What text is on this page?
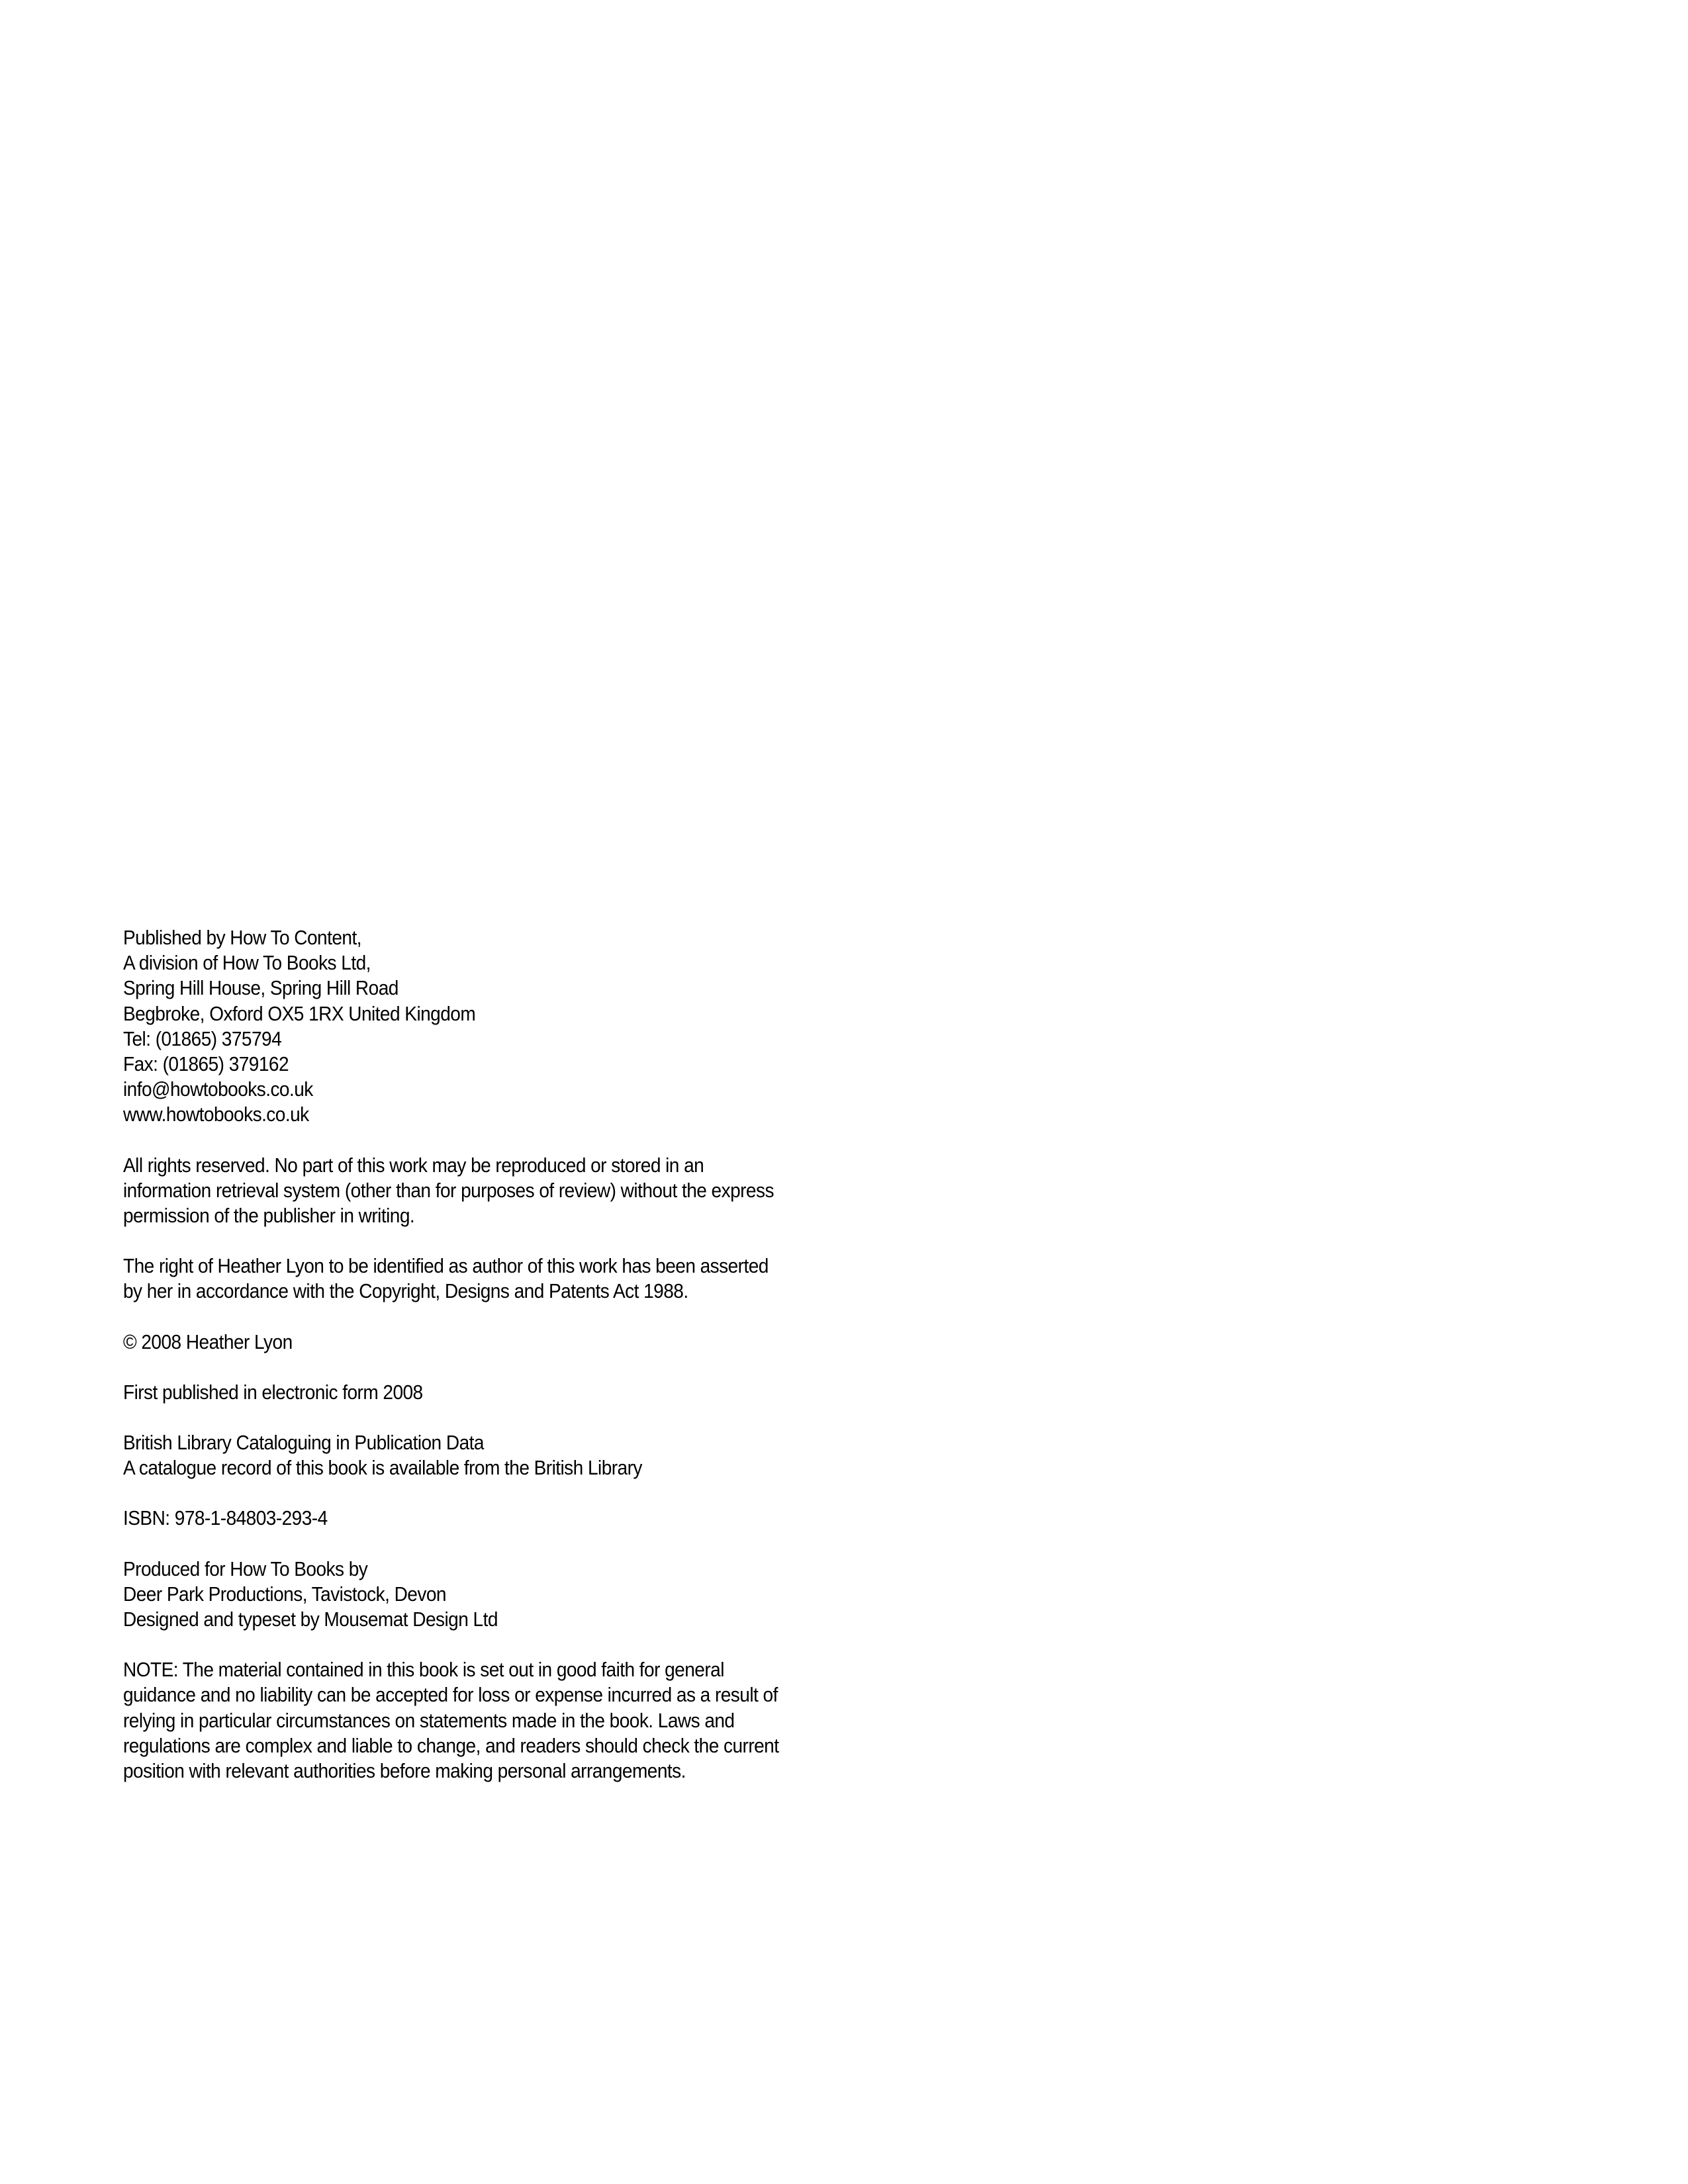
Published by How To Content,
A division of How To Books Ltd,
Spring Hill House, Spring Hill Road
Begbroke, Oxford OX5 1RX United Kingdom
Tel: (01865) 375794
Fax: (01865) 379162
info@howtobooks.co.uk
www.howtobooks.co.uk
All rights reserved. No part of this work may be reproduced or stored in an
information retrieval system (other than for purposes of review) without the express
permission of the publisher in writing.
The right of Heather Lyon to be identified as author of this work has been asserted
by her in accordance with the Copyright, Designs and Patents Act 1988.
© 2008 Heather Lyon
First published in electronic form 2008
British Library Cataloguing in Publication Data
A catalogue record of this book is available from the British Library
ISBN: 978-1-84803-293-4
Produced for How To Books by
Deer Park Productions, Tavistock, Devon
Designed and typeset by Mousemat Design Ltd
NOTE: The material contained in this book is set out in good faith for general
guidance and no liability can be accepted for loss or expense incurred as a result of
relying in particular circumstances on statements made in the book. Laws and
regulations are complex and liable to change, and readers should check the current
position with relevant authorities before making personal arrangements.
